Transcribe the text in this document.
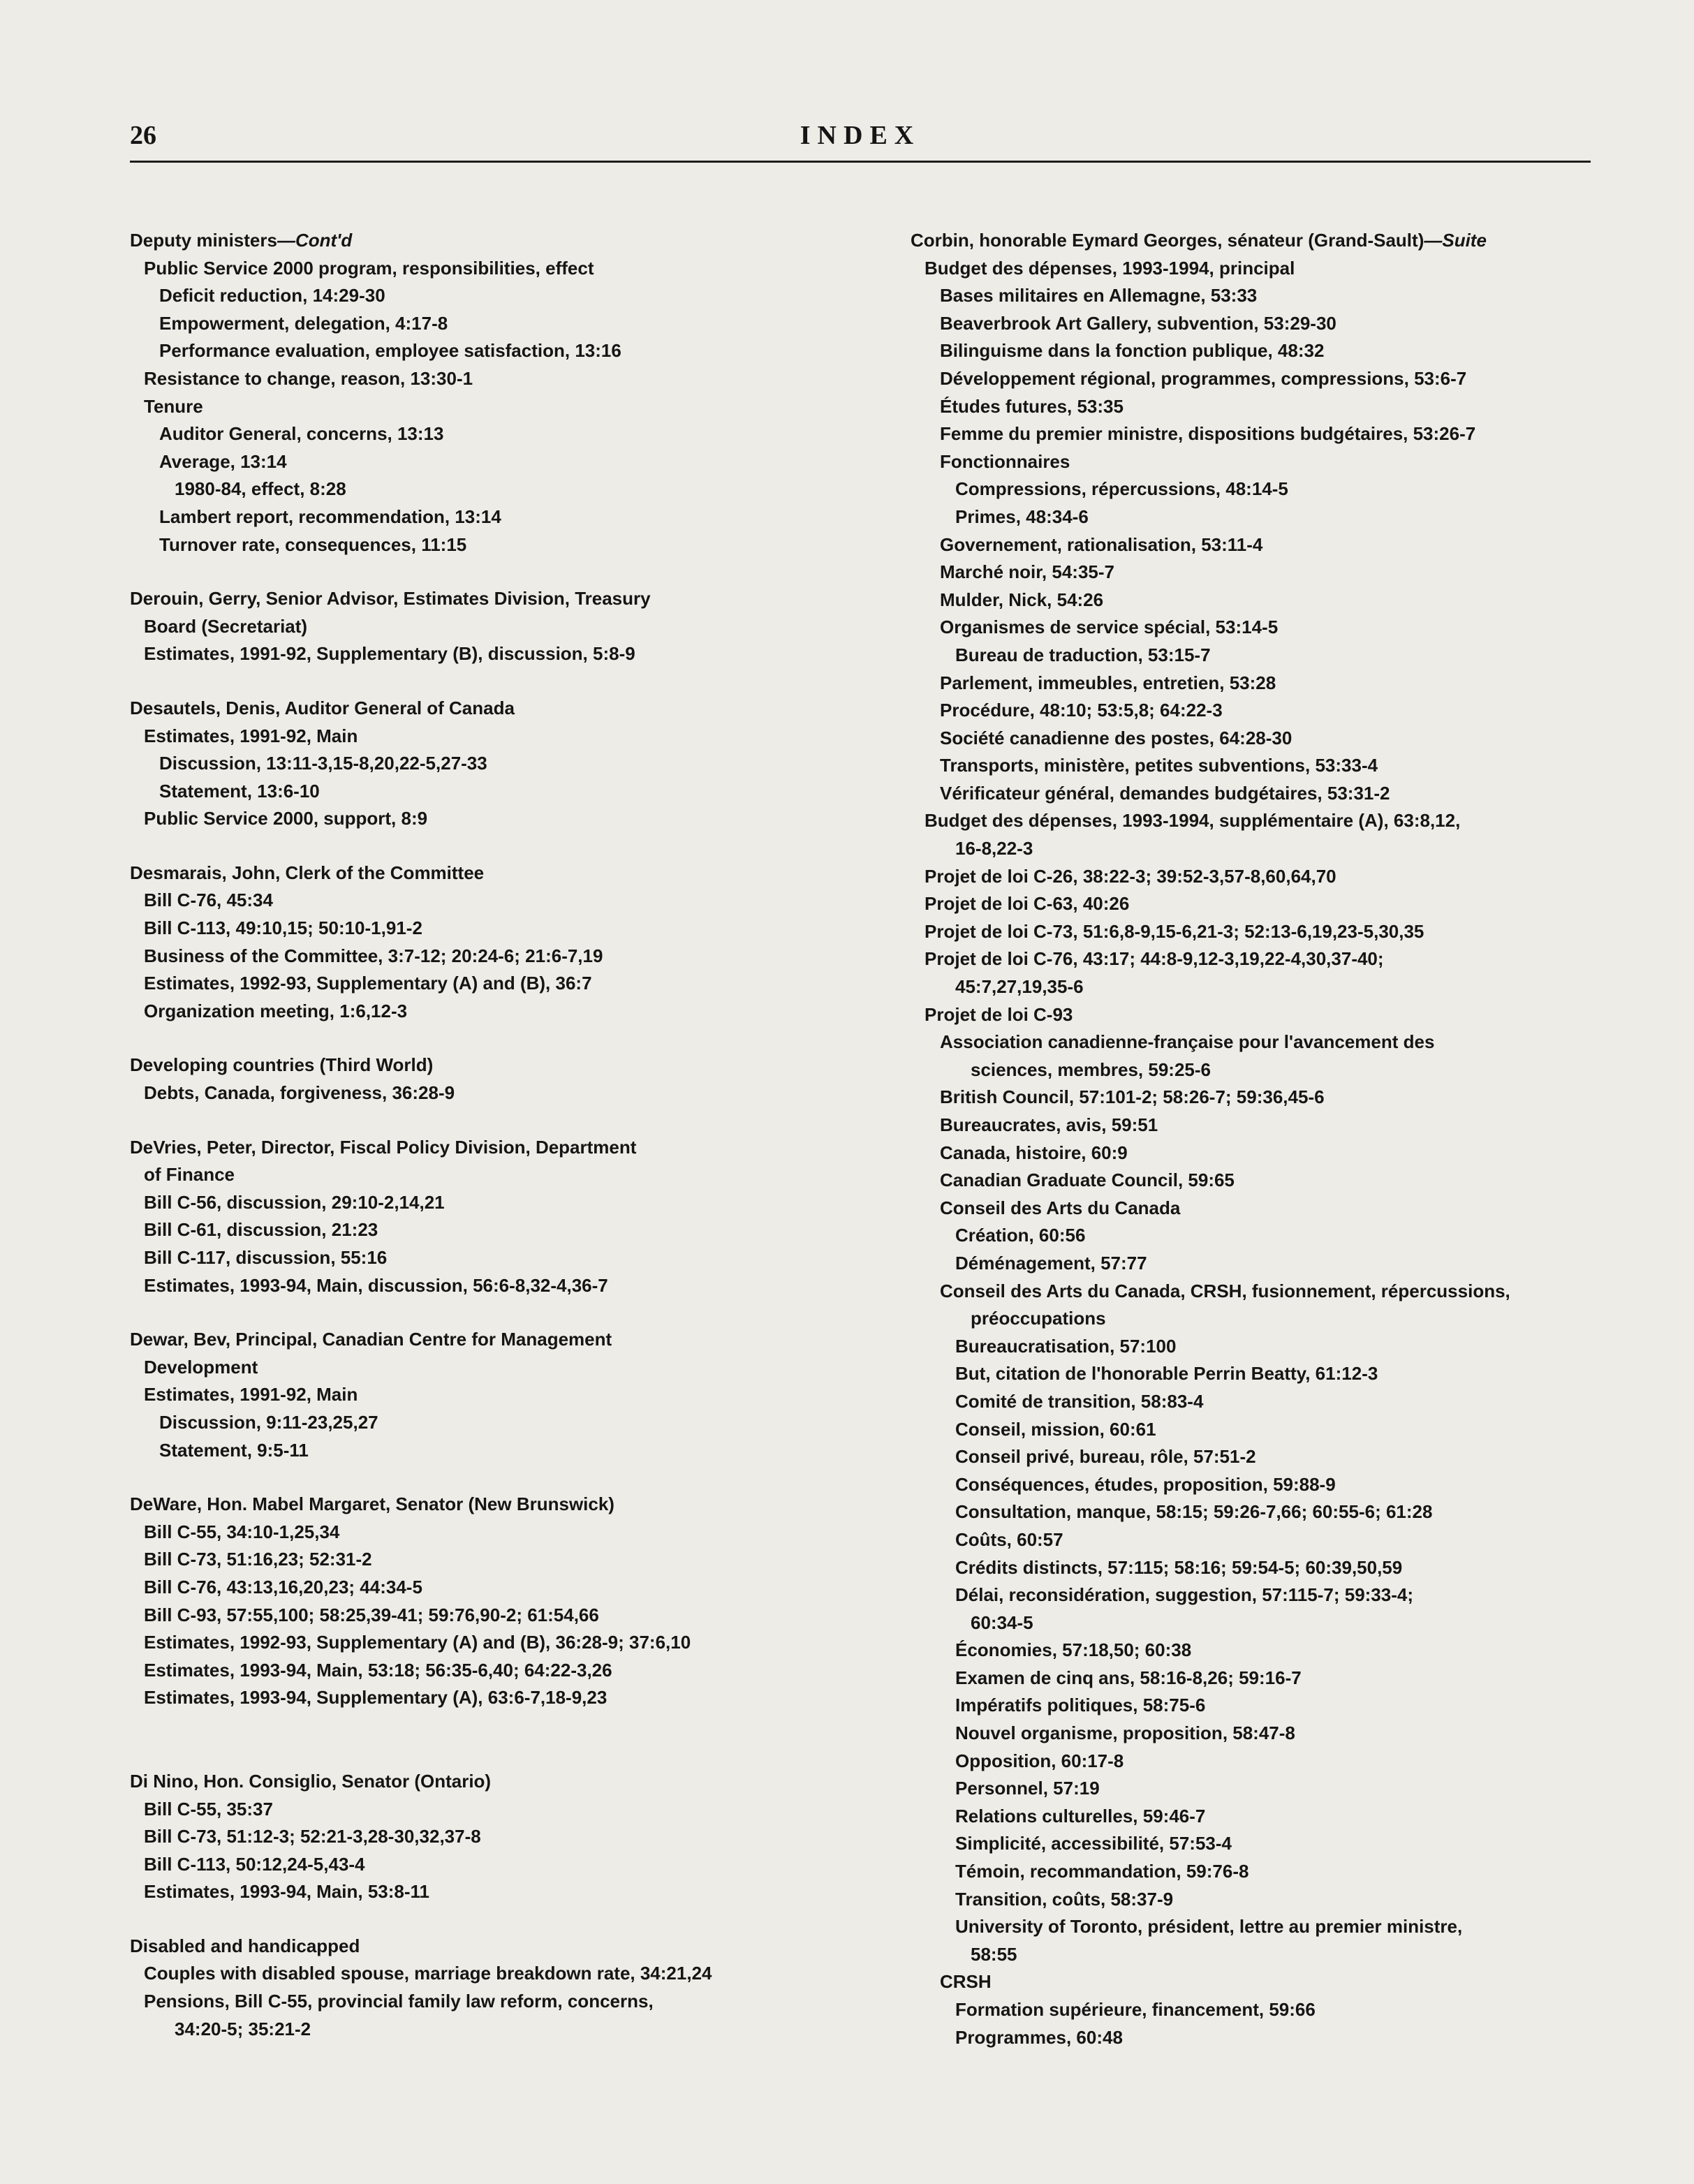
26	INDEX
Deputy ministers—Cont'd
Public Service 2000 program, responsibilities, effect
Deficit reduction, 14:29-30
Empowerment, delegation, 4:17-8
Performance evaluation, employee satisfaction, 13:16
Resistance to change, reason, 13:30-1
Tenure
Auditor General, concerns, 13:13
Average, 13:14
1980-84, effect, 8:28
Lambert report, recommendation, 13:14
Turnover rate, consequences, 11:15
Derouin, Gerry, Senior Advisor, Estimates Division, Treasury
Board (Secretariat)
Estimates, 1991-92, Supplementary (B), discussion, 5:8-9
Desautels, Denis, Auditor General of Canada
Estimates, 1991-92, Main
Discussion, 13:11-3,15-8,20,22-5,27-33
Statement, 13:6-10
Public Service 2000, support, 8:9
Desmarais, John, Clerk of the Committee
Bill C-76, 45:34
Bill C-113, 49:10,15; 50:10-1,91-2
Business of the Committee, 3:7-12; 20:24-6; 21:6-7,19
Estimates, 1992-93, Supplementary (A) and (B), 36:7
Organization meeting, 1:6,12-3
Developing countries (Third World)
Debts, Canada, forgiveness, 36:28-9
DeVries, Peter, Director, Fiscal Policy Division, Department
of Finance
Bill C-56, discussion, 29:10-2,14,21
Bill C-61, discussion, 21:23
Bill C-117, discussion, 55:16
Estimates, 1993-94, Main, discussion, 56:6-8,32-4,36-7
Dewar, Bev, Principal, Canadian Centre for Management
Development
Estimates, 1991-92, Main
Discussion, 9:11-23,25,27
Statement, 9:5-11
DeWare, Hon. Mabel Margaret, Senator (New Brunswick)
Bill C-55, 34:10-1,25,34
Bill C-73, 51:16,23; 52:31-2
Bill C-76, 43:13,16,20,23; 44:34-5
Bill C-93, 57:55,100; 58:25,39-41; 59:76,90-2; 61:54,66
Estimates, 1992-93, Supplementary (A) and (B), 36:28-9; 37:6,10
Estimates, 1993-94, Main, 53:18; 56:35-6,40; 64:22-3,26
Estimates, 1993-94, Supplementary (A), 63:6-7,18-9,23
Di Nino, Hon. Consiglio, Senator (Ontario)
Bill C-55, 35:37
Bill C-73, 51:12-3; 52:21-3,28-30,32,37-8
Bill C-113, 50:12,24-5,43-4
Estimates, 1993-94, Main, 53:8-11
Disabled and handicapped
Couples with disabled spouse, marriage breakdown rate, 34:21,24
Pensions, Bill C-55, provincial family law reform, concerns,
34:20-5; 35:21-2
Corbin, honorable Eymard Georges, sénateur (Grand-Sault)—Suite
Budget des dépenses, 1993-1994, principal
Bases militaires en Allemagne, 53:33
Beaverbrook Art Gallery, subvention, 53:29-30
Bilinguisme dans la fonction publique, 48:32
Développement régional, programmes, compressions, 53:6-7
Études futures, 53:35
Femme du premier ministre, dispositions budgétaires, 53:26-7
Fonctionnaires
Compressions, répercussions, 48:14-5
Primes, 48:34-6
Governement, rationalisation, 53:11-4
Marché noir, 54:35-7
Mulder, Nick, 54:26
Organismes de service spécial, 53:14-5
Bureau de traduction, 53:15-7
Parlement, immeubles, entretien, 53:28
Procédure, 48:10; 53:5,8; 64:22-3
Société canadienne des postes, 64:28-30
Transports, ministère, petites subventions, 53:33-4
Vérificateur général, demandes budgétaires, 53:31-2
Budget des dépenses, 1993-1994, supplémentaire (A), 63:8,12,
16-8,22-3
Projet de loi C-26, 38:22-3; 39:52-3,57-8,60,64,70
Projet de loi C-63, 40:26
Projet de loi C-73, 51:6,8-9,15-6,21-3; 52:13-6,19,23-5,30,35
Projet de loi C-76, 43:17; 44:8-9,12-3,19,22-4,30,37-40;
45:7,27,19,35-6
Projet de loi C-93
Association canadienne-française pour l'avancement des
sciences, membres, 59:25-6
British Council, 57:101-2; 58:26-7; 59:36,45-6
Bureaucrates, avis, 59:51
Canada, histoire, 60:9
Canadian Graduate Council, 59:65
Conseil des Arts du Canada
Création, 60:56
Déménagement, 57:77
Conseil des Arts du Canada, CRSH, fusionnement, répercussions,
préoccupations
Bureaucratisation, 57:100
But, citation de l'honorable Perrin Beatty, 61:12-3
Comité de transition, 58:83-4
Conseil, mission, 60:61
Conseil privé, bureau, rôle, 57:51-2
Conséquences, études, proposition, 59:88-9
Consultation, manque, 58:15; 59:26-7,66; 60:55-6; 61:28
Coûts, 60:57
Crédits distincts, 57:115; 58:16; 59:54-5; 60:39,50,59
Délai, reconsidération, suggestion, 57:115-7; 59:33-4;
60:34-5
Économies, 57:18,50; 60:38
Examen de cinq ans, 58:16-8,26; 59:16-7
Impératifs politiques, 58:75-6
Nouvel organisme, proposition, 58:47-8
Opposition, 60:17-8
Personnel, 57:19
Relations culturelles, 59:46-7
Simplicité, accessibilité, 57:53-4
Témoin, recommandation, 59:76-8
Transition, coûts, 58:37-9
University of Toronto, président, lettre au premier ministre,
58:55
CRSH
Formation supérieure, financement, 59:66
Programmes, 60:48
